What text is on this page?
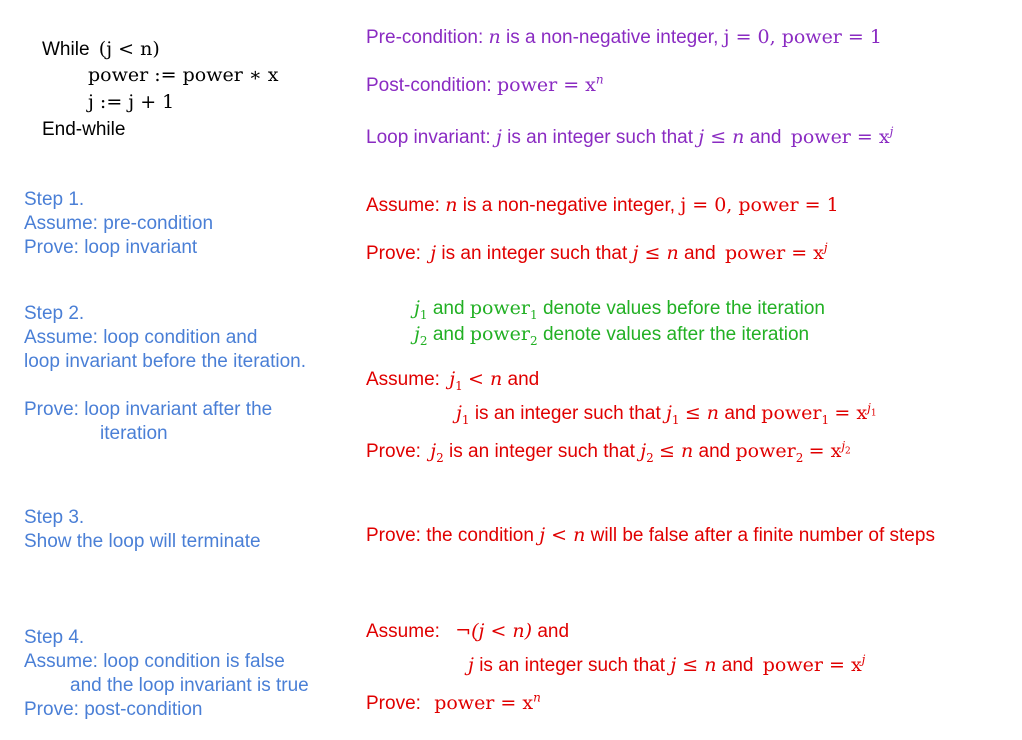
While (j < n)
power := power ∗ x
j := j + 1
End-while
Pre-condition: n is a non-negative integer, j = 0, power = 1
Post-condition: power = $x^n$
Loop invariant: j is an integer such that j ≤ n and power = $x^j$
Step 1.
Assume: pre-condition
Prove: loop invariant
Step 2.
Assume: loop condition and
loop invariant before the iteration.
Prove: loop invariant after the
iteration
Step 3.
Show the loop will terminate
Step 4.
Assume: loop condition is false
and the loop invariant is true
Prove: post-condition
Assume: n is a non-negative integer, j = 0, power = 1
Prove: j is an integer such that j ≤ n and power = $x^j$
$j_1$ and power$_1$ denote values before the iteration
$j_2$ and power$_2$ denote values after the iteration
Assume: $j_1 < n$ and
$j_1$ is an integer such that $j_1 \le n$ and power$_1$ = $x^{j_1}$
Prove: $j_2$ is an integer such that $j_2 \le n$ and power$_2$ = $x^{j_2}$
Prove: the condition j < n will be false after a finite number of steps
Assume: ¬(j < n) and
j is an integer such that j ≤ n and power = $x^j$
Prove: power = $x^n$
